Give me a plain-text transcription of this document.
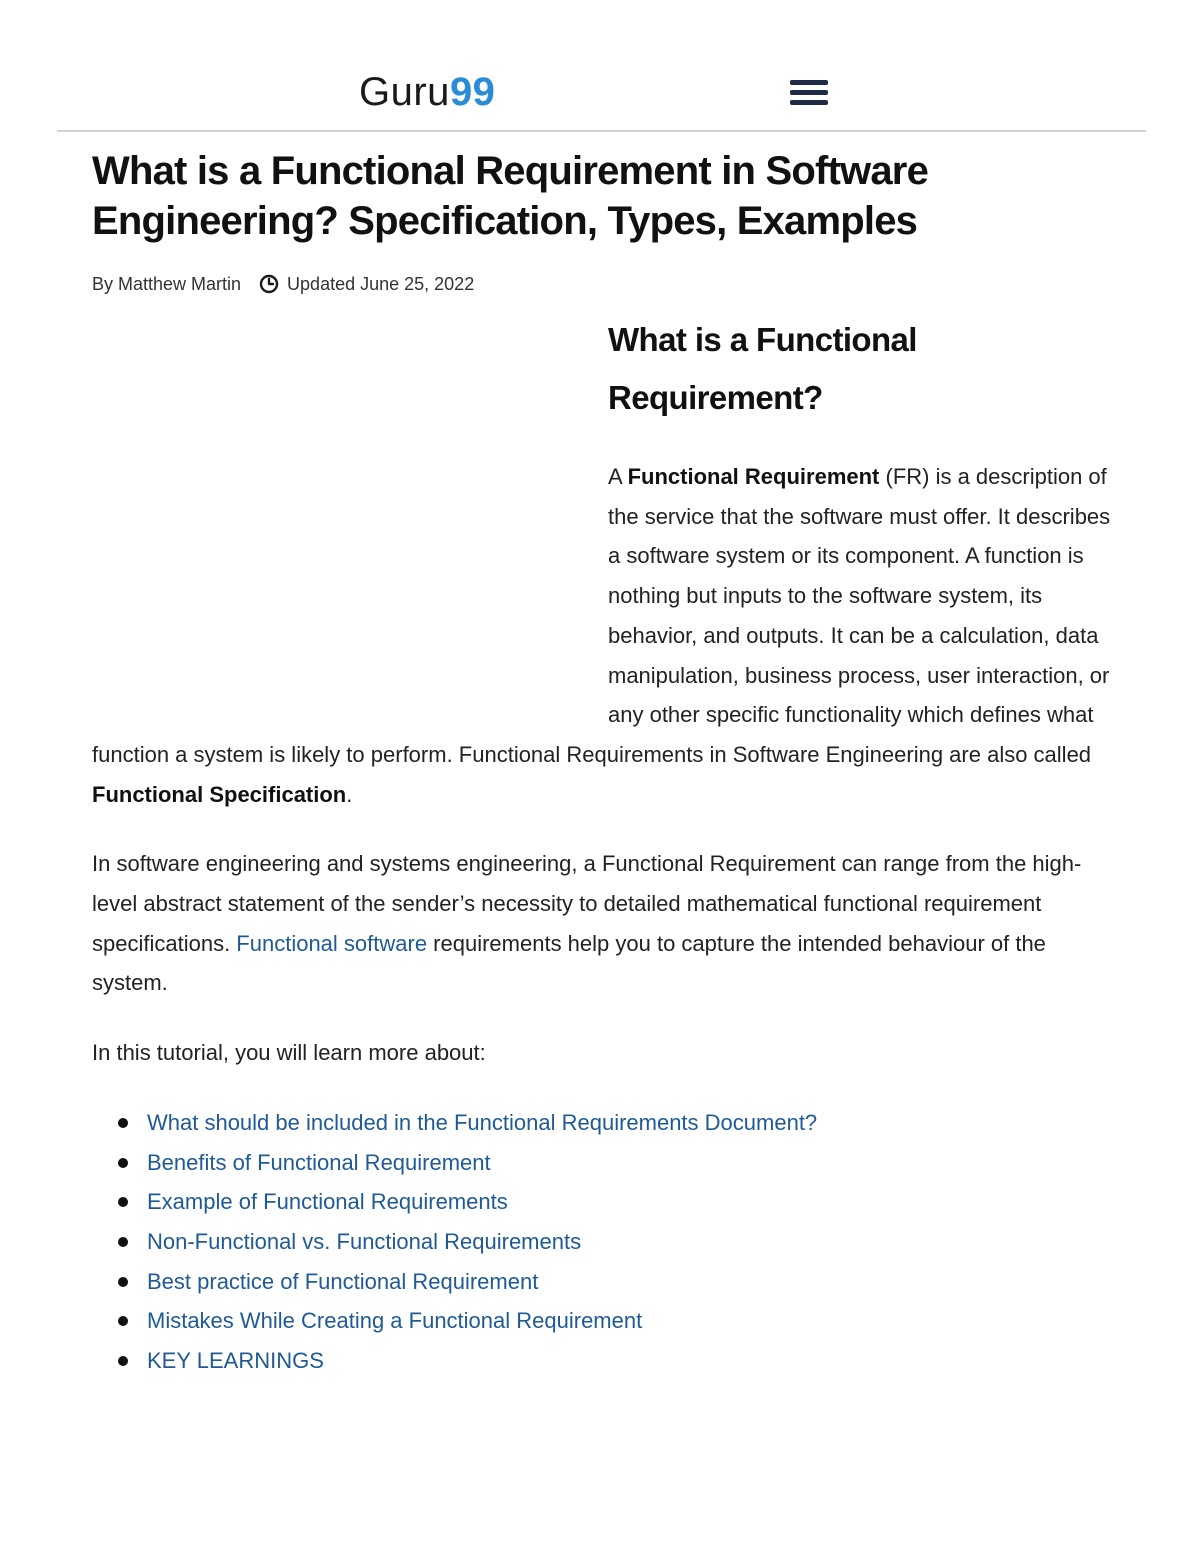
Guru99
What is a Functional Requirement in Software Engineering? Specification, Types, Examples
By Matthew Martin	Updated June 25, 2022
What is a Functional Requirement?

A Functional Requirement (FR) is a description of the service that the software must offer. It describes a software system or its component. A function is nothing but inputs to the software system, its behavior, and outputs. It can be a calculation, data manipulation, business process, user interaction, or any other specific functionality which defines what function a system is likely to perform. Functional Requirements in Software Engineering are also called Functional Specification.

In software engineering and systems engineering, a Functional Requirement can range from the high-level abstract statement of the sender’s necessity to detailed mathematical functional requirement specifications. Functional software requirements help you to capture the intended behaviour of the system.

In this tutorial, you will learn more about:

What should be included in the Functional Requirements Document?
Benefits of Functional Requirement
Example of Functional Requirements
Non-Functional vs. Functional Requirements
Best practice of Functional Requirement
Mistakes While Creating a Functional Requirement
KEY LEARNINGS
